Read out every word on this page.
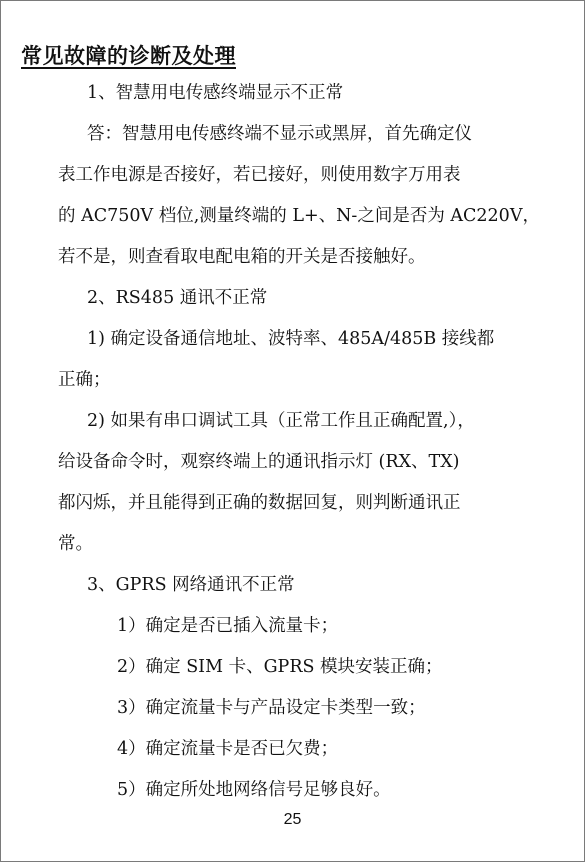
常见故障的诊断及处理
1、智慧用电传感终端显示不正常
答：智慧用电传感终端不显示或黑屏，首先确定仪
表工作电源是否接好，若已接好，则使用数字万用表
的 AC750V 档位,测量终端的 L+、N-之间是否为 AC220V，
若不是，则查看取电配电箱的开关是否接触好。
2、RS485 通讯不正常
1) 确定设备通信地址、波特率、485A/485B 接线都
正确；
2) 如果有串口调试工具（正常工作且正确配置,），
给设备命令时，观察终端上的通讯指示灯 (RX、TX)
都闪烁，并且能得到正确的数据回复，则判断通讯正
常。
3、GPRS 网络通讯不正常
1）确定是否已插入流量卡；
2）确定 SIM 卡、GPRS 模块安装正确；
3）确定流量卡与产品设定卡类型一致；
4）确定流量卡是否已欠费；
5）确定所处地网络信号足够良好。
25
